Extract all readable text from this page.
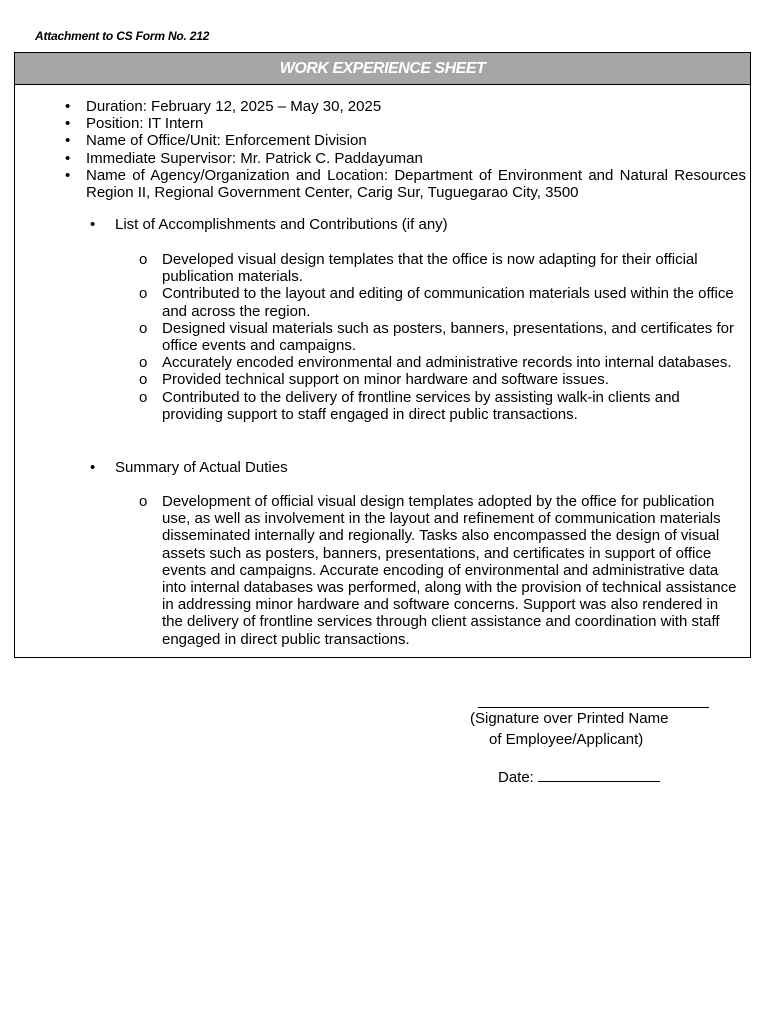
Attachment to CS Form No. 212
WORK EXPERIENCE SHEET
• Duration: February 12, 2025 – May 30, 2025
• Position: IT Intern
• Name of Office/Unit: Enforcement Division
• Immediate Supervisor: Mr. Patrick C. Paddayuman
• Name of Agency/Organization and Location: Department of Environment and Natural Resources Region II, Regional Government Center, Carig Sur, Tuguegarao City, 3500
• List of Accomplishments and Contributions (if any)
o Developed visual design templates that the office is now adapting for their official publication materials.
o Contributed to the layout and editing of communication materials used within the office and across the region.
o Designed visual materials such as posters, banners, presentations, and certificates for office events and campaigns.
o Accurately encoded environmental and administrative records into internal databases.
o Provided technical support on minor hardware and software issues.
o Contributed to the delivery of frontline services by assisting walk-in clients and providing support to staff engaged in direct public transactions.
• Summary of Actual Duties
o Development of official visual design templates adopted by the office for publication use, as well as involvement in the layout and refinement of communication materials disseminated internally and regionally. Tasks also encompassed the design of visual assets such as posters, banners, presentations, and certificates in support of office events and campaigns. Accurate encoding of environmental and administrative data into internal databases was performed, along with the provision of technical assistance in addressing minor hardware and software concerns. Support was also rendered in the delivery of frontline services through client assistance and coordination with staff engaged in direct public transactions.
(Signature over Printed Name
of Employee/Applicant)
Date:
